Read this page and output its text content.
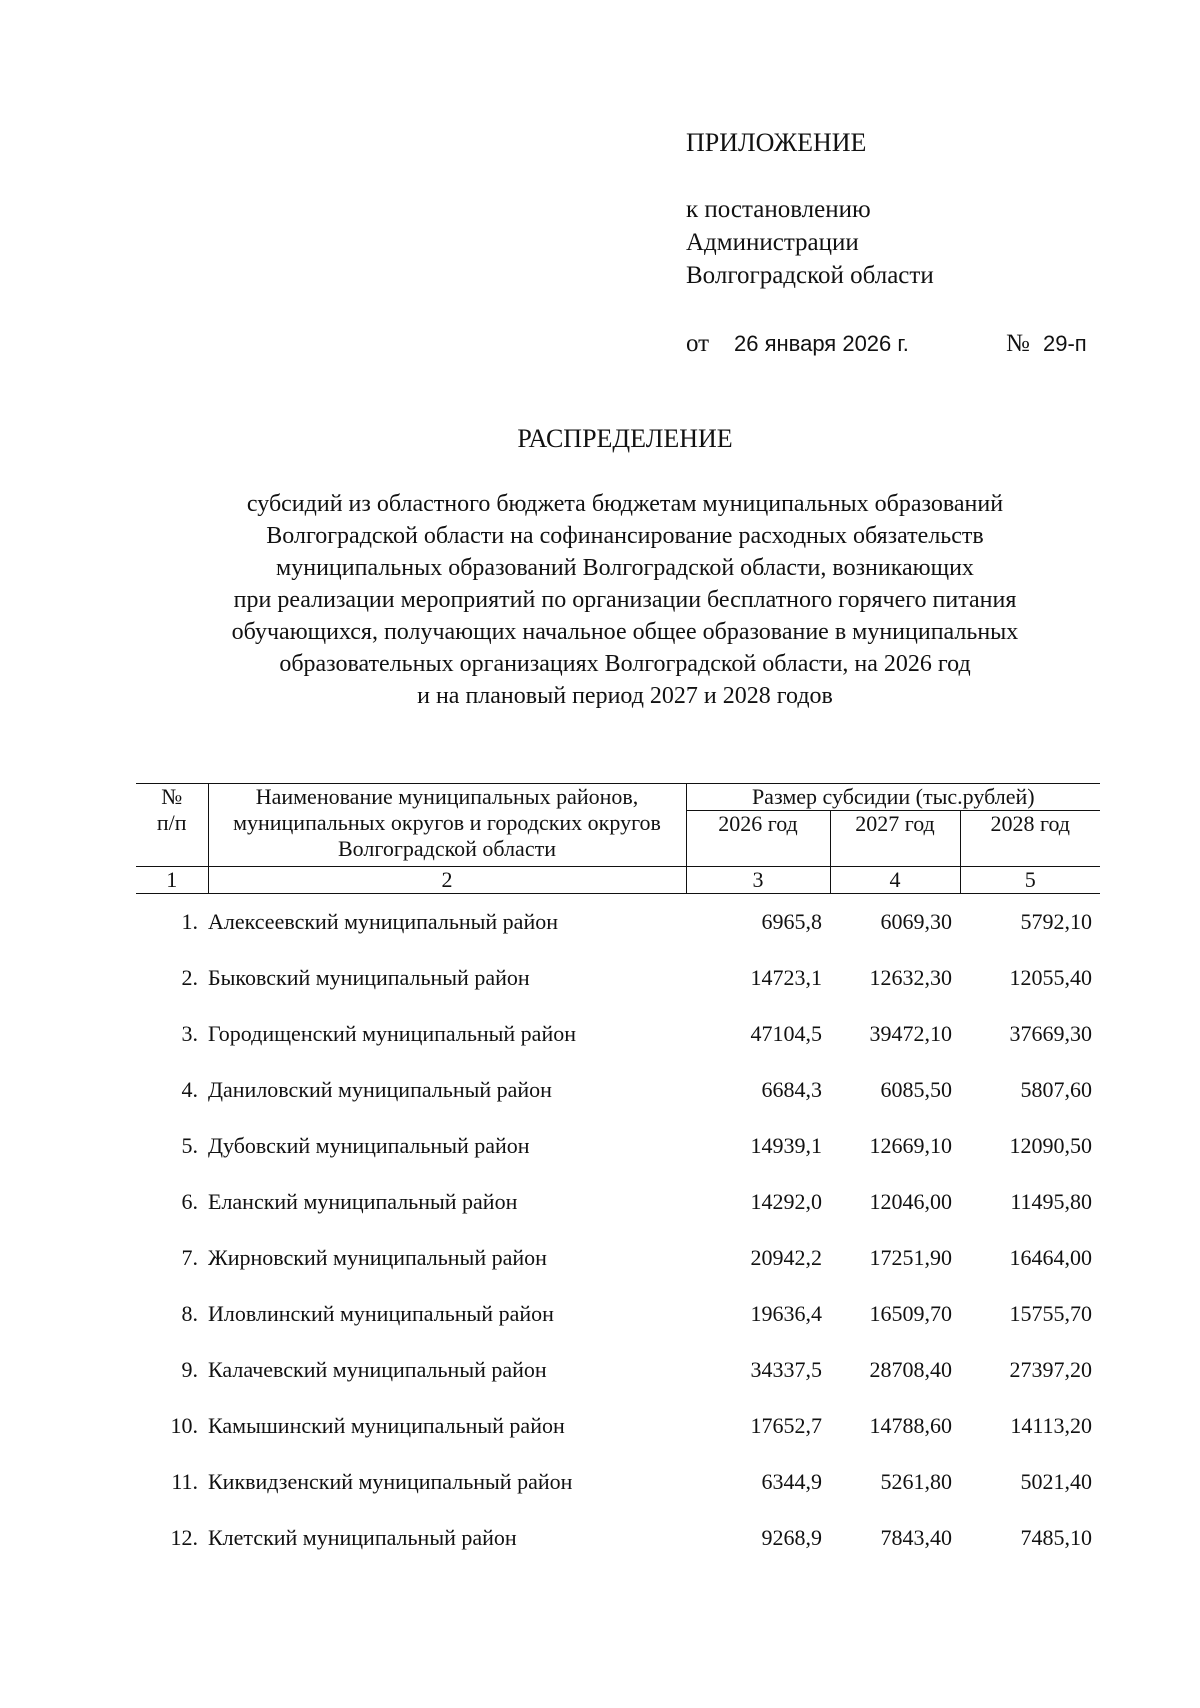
ПРИЛОЖЕНИЕ
к постановлению
Администрации
Волгоградской области
от 26 января 2026 г.	№ 29-п
РАСПРЕДЕЛЕНИЕ
субсидий из областного бюджета бюджетам муниципальных образований
Волгоградской области на софинансирование расходных обязательств
муниципальных образований Волгоградской области, возникающих
при реализации мероприятий по организации бесплатного горячего питания
обучающихся, получающих начальное общее образование в муниципальных
образовательных организациях Волгоградской области, на 2026 год
и на плановый период 2027 и 2028 годов
№
п/п	Наименование муниципальных районов, муниципальных округов и городских округов Волгоградской области	Размер субсидии (тыс.рублей)		
		2026 год	2027 год	2028 год
1	2	3	4	5
1.	Алексеевский муниципальный район	6965,8	6069,30	5792,10
2.	Быковский муниципальный район	14723,1	12632,30	12055,40
3.	Городищенский муниципальный район	47104,5	39472,10	37669,30
4.	Даниловский муниципальный район	6684,3	6085,50	5807,60
5.	Дубовский муниципальный район	14939,1	12669,10	12090,50
6.	Еланский муниципальный район	14292,0	12046,00	11495,80
7.	Жирновский муниципальный район	20942,2	17251,90	16464,00
8.	Иловлинский муниципальный район	19636,4	16509,70	15755,70
9.	Калачевский муниципальный район	34337,5	28708,40	27397,20
10.	Камышинский муниципальный район	17652,7	14788,60	14113,20
11.	Киквидзенский муниципальный район	6344,9	5261,80	5021,40
12.	Клетский муниципальный район	9268,9	7843,40	7485,10
